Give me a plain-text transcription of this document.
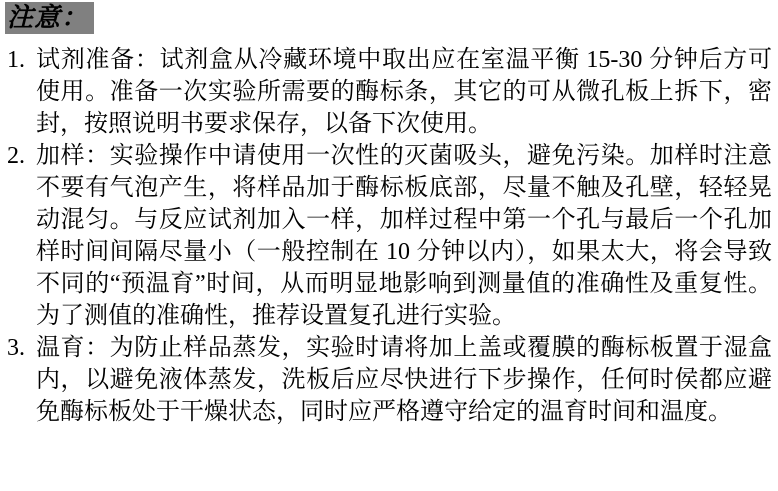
注意：
1. 试剂准备：试剂盒从冷藏环境中取出应在室温平衡 15-30 分钟后方可使用。准备一次实验所需要的酶标条，其它的可从微孔板上拆下，密封，按照说明书要求保存，以备下次使用。
2. 加样：实验操作中请使用一次性的灭菌吸头，避免污染。加样时注意不要有气泡产生，将样品加于酶标板底部，尽量不触及孔壁，轻轻晃动混匀。与反应试剂加入一样，加样过程中第一个孔与最后一个孔加样时间间隔尽量小（一般控制在 10 分钟以内），如果太大，将会导致不同的“预温育”时间，从而明显地影响到测量值的准确性及重复性。为了测值的准确性，推荐设置复孔进行实验。
3. 温育：为防止样品蒸发，实验时请将加上盖或覆膜的酶标板置于湿盒内，以避免液体蒸发，洗板后应尽快进行下步操作，任何时侯都应避免酶标板处于干燥状态，同时应严格遵守给定的温育时间和温度。
